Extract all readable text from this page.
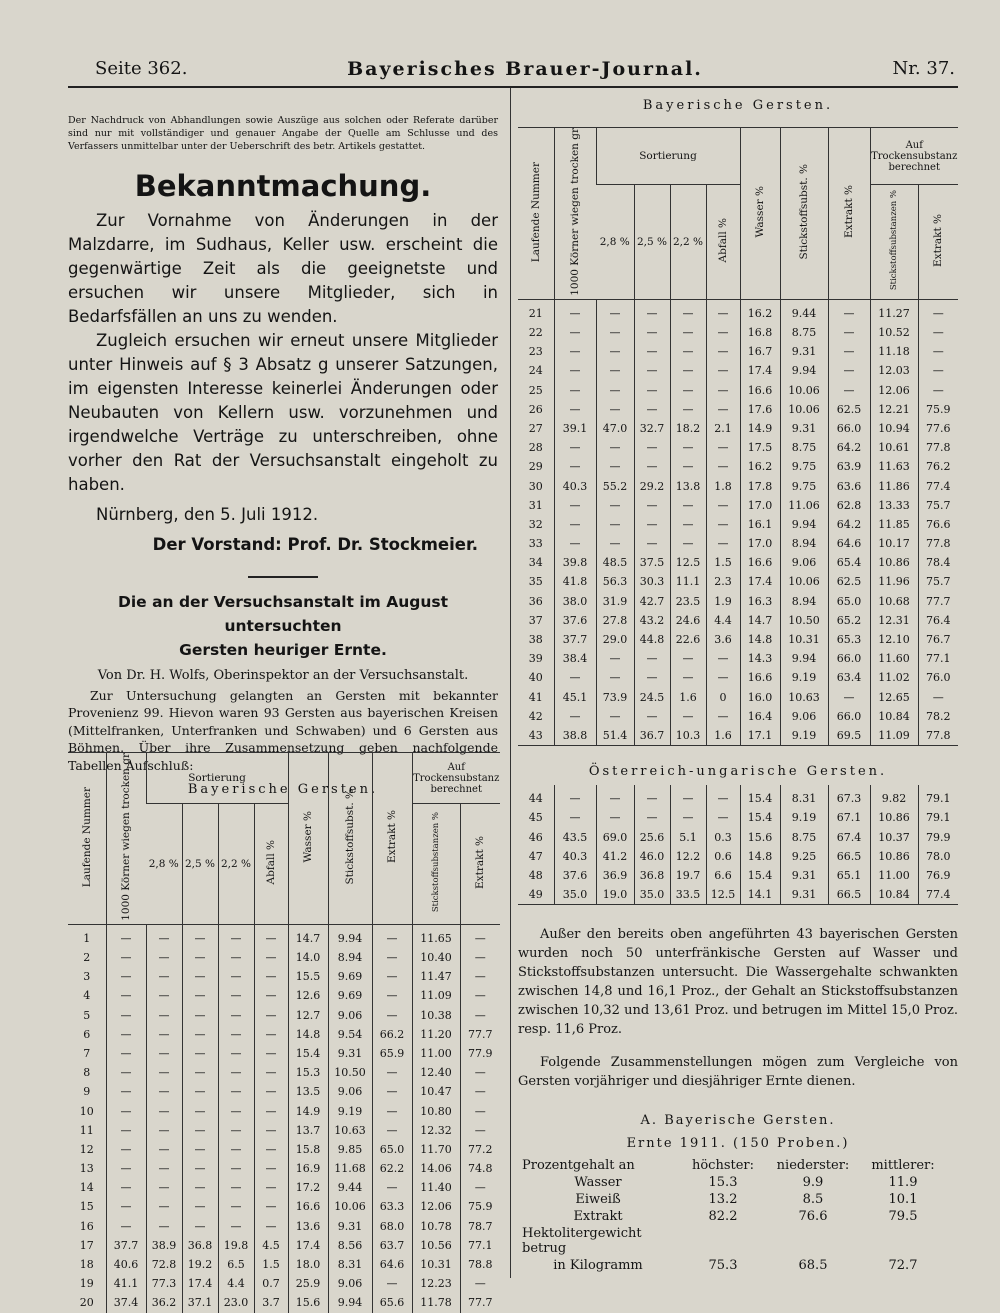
Seite 362.	Bayerisches Brauer-Journal.	Nr. 37.

Der Nachdruck von Abhandlungen sowie Auszüge aus solchen oder Referate darüber sind nur mit vollständiger und genauer Angabe der Quelle am Schlusse und des Verfassers unmittelbar unter der Ueberschrift des betr. Artikels gestattet.

Bekanntmachung.

Zur Vornahme von Änderungen in der Malzdarre, im Sudhaus, Keller usw. erscheint die gegenwärtige Zeit als die geeignetste und ersuchen wir unsere Mitglieder, sich in Bedarfsfällen an uns zu wenden.

Zugleich ersuchen wir erneut unsere Mitglieder unter Hinweis auf § 3 Absatz g unserer Satzungen, im eigensten Interesse keinerlei Änderungen oder Neubauten von Kellern usw. vorzunehmen und irgendwelche Verträge zu unterschreiben, ohne vorher den Rat der Versuchsanstalt eingeholt zu haben.

Nürnberg, den 5. Juli 1912.

Der Vorstand: Prof. Dr. Stockmeier.

Die an der Versuchsanstalt im August untersuchten
Gersten heuriger Ernte.

Von Dr. H. Wolfs, Oberinspektor an der Versuchsanstalt.

Zur Untersuchung gelangten an Gersten mit bekannter Provenienz 99. Hievon waren 93 Gersten aus bayerischen Kreisen (Mittelfranken, Unterfranken und Schwaben) und 6 Gersten aus Böhmen. Über ihre Zusammensetzung geben nachfolgende Tabellen Aufschluß:

Bayerische Gersten.
Laufende Nummer	1000 Körner wiegen trocken gr	Sortierung				Wasser %	Stickstoffsubst. %	Extrakt %	Auf Trockensubstanz berechnet	
		2,8 %	2,5 %	2,2 %	Abfall %				Stickstoffsubstanzen %	Extrakt %
1	—	—	—	—	—	14.7	9.94	—	11.65	—
2	—	—	—	—	—	14.0	8.94	—	10.40	—
3	—	—	—	—	—	15.5	9.69	—	11.47	—
4	—	—	—	—	—	12.6	9.69	—	11.09	—
5	—	—	—	—	—	12.7	9.06	—	10.38	—
6	—	—	—	—	—	14.8	9.54	66.2	11.20	77.7
7	—	—	—	—	—	15.4	9.31	65.9	11.00	77.9
8	—	—	—	—	—	15.3	10.50	—	12.40	—
9	—	—	—	—	—	13.5	9.06	—	10.47	—
10	—	—	—	—	—	14.9	9.19	—	10.80	—
11	—	—	—	—	—	13.7	10.63	—	12.32	—
12	—	—	—	—	—	15.8	9.85	65.0	11.70	77.2
13	—	—	—	—	—	16.9	11.68	62.2	14.06	74.8
14	—	—	—	—	—	17.2	9.44	—	11.40	—
15	—	—	—	—	—	16.6	10.06	63.3	12.06	75.9
16	—	—	—	—	—	13.6	9.31	68.0	10.78	78.7
17	37.7	38.9	36.8	19.8	4.5	17.4	8.56	63.7	10.56	77.1
18	40.6	72.8	19.2	6.5	1.5	18.0	8.31	64.6	10.31	78.8
19	41.1	77.3	17.4	4.4	0.7	25.9	9.06	—	12.23	—
20	37.4	36.2	37.1	23.0	3.7	15.6	9.94	65.6	11.78	77.7
Bayerische Gersten.
Laufende Nummer	1000 Körner wiegen trocken gr	Sortierung				Wasser %	Stickstoffsubst. %	Extrakt %	Auf Trockensubstanz berechnet	
		2,8 %	2,5 %	2,2 %	Abfall %				Stickstoffsubstanzen %	Extrakt %
21	—	—	—	—	—	16.2	9.44	—	11.27	—
22	—	—	—	—	—	16.8	8.75	—	10.52	—
23	—	—	—	—	—	16.7	9.31	—	11.18	—
24	—	—	—	—	—	17.4	9.94	—	12.03	—
25	—	—	—	—	—	16.6	10.06	—	12.06	—
26	—	—	—	—	—	17.6	10.06	62.5	12.21	75.9
27	39.1	47.0	32.7	18.2	2.1	14.9	9.31	66.0	10.94	77.6
28	—	—	—	—	—	17.5	8.75	64.2	10.61	77.8
29	—	—	—	—	—	16.2	9.75	63.9	11.63	76.2
30	40.3	55.2	29.2	13.8	1.8	17.8	9.75	63.6	11.86	77.4
31	—	—	—	—	—	17.0	11.06	62.8	13.33	75.7
32	—	—	—	—	—	16.1	9.94	64.2	11.85	76.6
33	—	—	—	—	—	17.0	8.94	64.6	10.17	77.8
34	39.8	48.5	37.5	12.5	1.5	16.6	9.06	65.4	10.86	78.4
35	41.8	56.3	30.3	11.1	2.3	17.4	10.06	62.5	11.96	75.7
36	38.0	31.9	42.7	23.5	1.9	16.3	8.94	65.0	10.68	77.7
37	37.6	27.8	43.2	24.6	4.4	14.7	10.50	65.2	12.31	76.4
38	37.7	29.0	44.8	22.6	3.6	14.8	10.31	65.3	12.10	76.7
39	38.4	—	—	—	—	14.3	9.94	66.0	11.60	77.1
40	—	—	—	—	—	16.6	9.19	63.4	11.02	76.0
41	45.1	73.9	24.5	1.6	0	16.0	10.63	—	12.65	—
42	—	—	—	—	—	16.4	9.06	66.0	10.84	78.2
43	38.8	51.4	36.7	10.3	1.6	17.1	9.19	69.5	11.09	77.8

Österreich-ungarische Gersten.
44	—	—	—	—	—	15.4	8.31	67.3	9.82	79.1
45	—	—	—	—	—	15.4	9.19	67.1	10.86	79.1
46	43.5	69.0	25.6	5.1	0.3	15.6	8.75	67.4	10.37	79.9
47	40.3	41.2	46.0	12.2	0.6	14.8	9.25	66.5	10.86	78.0
48	37.6	36.9	36.8	19.7	6.6	15.4	9.31	65.1	11.00	76.9
49	35.0	19.0	35.0	33.5	12.5	14.1	9.31	66.5	10.84	77.4

Außer den bereits oben angeführten 43 bayerischen Gersten wurden noch 50 unterfränkische Gersten auf Wasser und Stickstoffsubstanzen untersucht. Die Wassergehalte schwankten zwischen 14,8 und 16,1 Proz., der Gehalt an Stickstoffsubstanzen zwischen 10,32 und 13,61 Proz. und betrugen im Mittel 15,0 Proz. resp. 11,6 Proz.

Folgende Zusammenstellungen mögen zum Vergleiche von Gersten vorjähriger und diesjähriger Ernte dienen.

A. Bayerische Gersten.
Ernte 1911. (150 Proben.)
Prozentgehalt an	höchster:	niederster:	mittlerer:
Wasser	15.3	9.9	11.9
Eiweiß	13.2	8.5	10.1
Extrakt	82.2	76.6	79.5
Hektolitergewicht betrug			
in Kilogramm	75.3	68.5	72.7
